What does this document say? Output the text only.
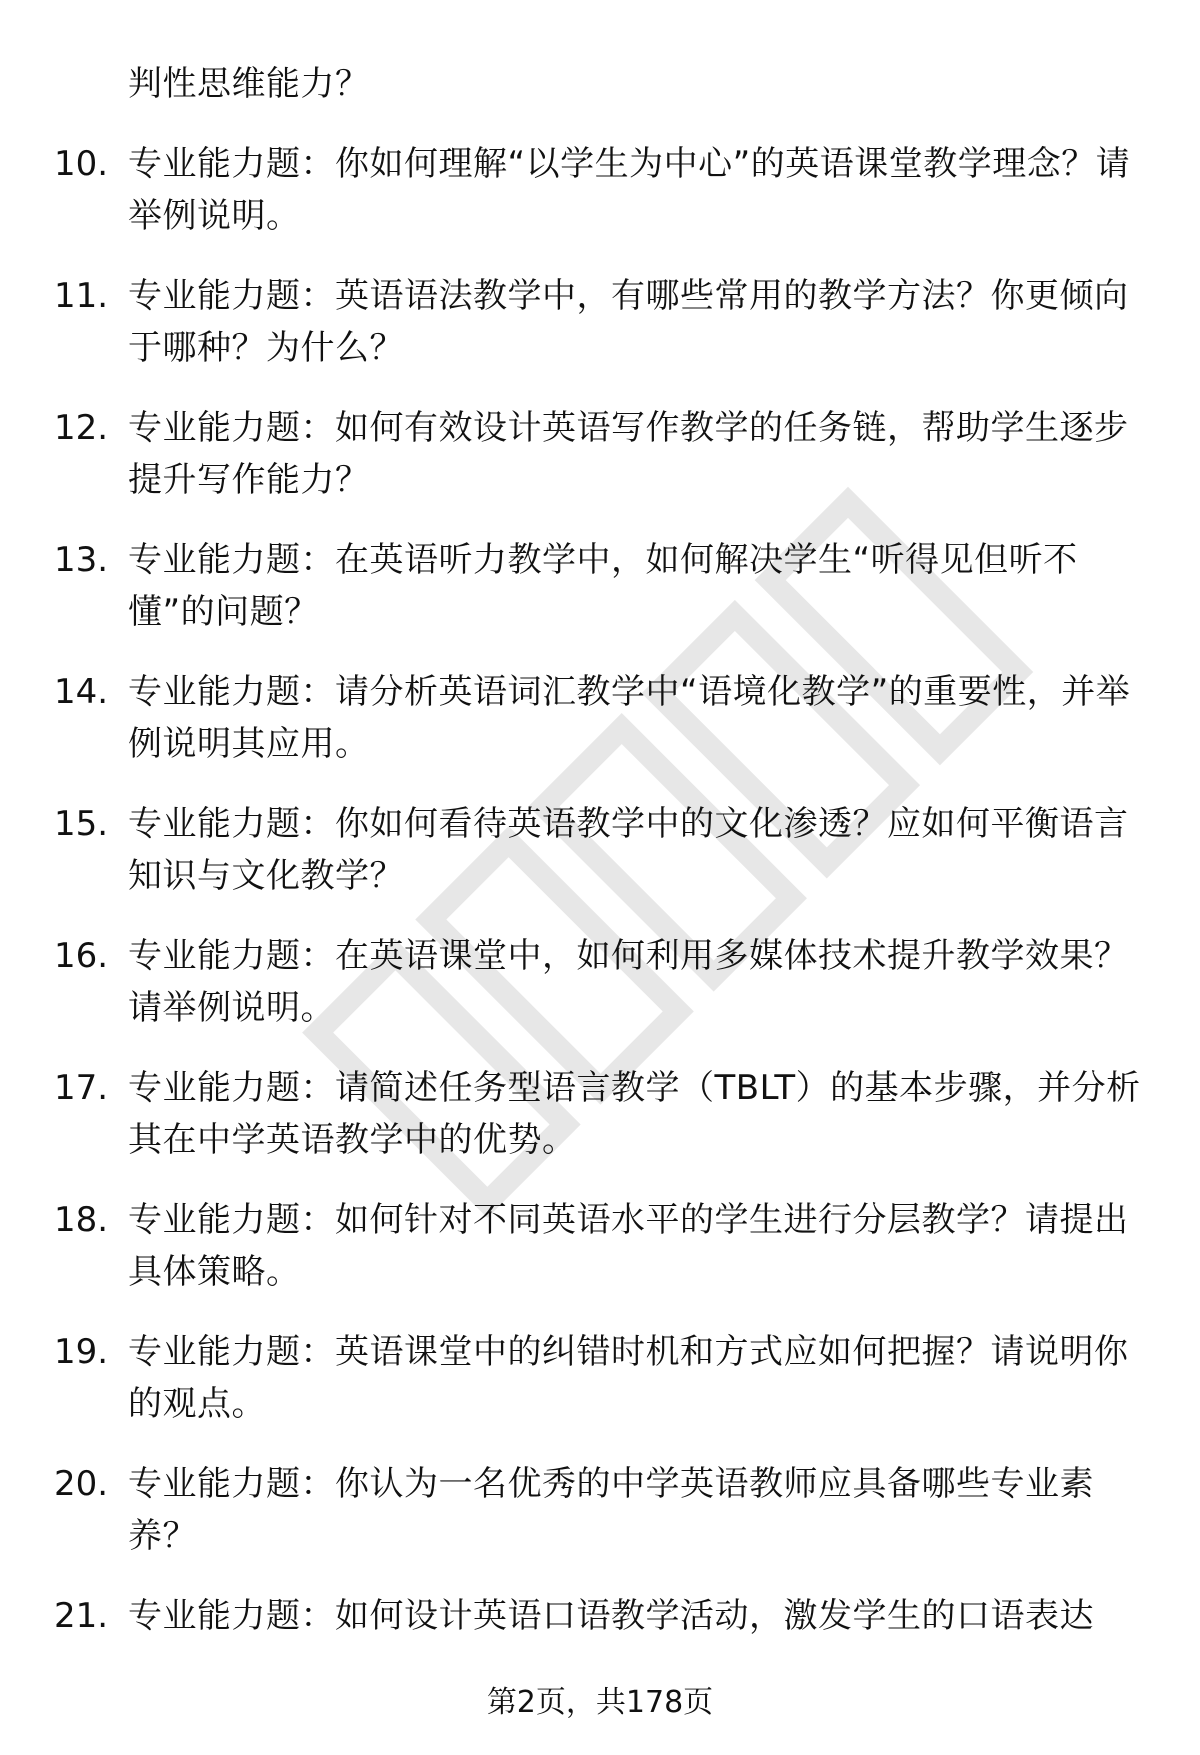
判性思维能力？
10. 专业能力题：你如何理解“以学生为中心”的英语课堂教学理念？请举例说明。
11. 专业能力题：英语语法教学中，有哪些常用的教学方法？你更倾向于哪种？为什么？
12. 专业能力题：如何有效设计英语写作教学的任务链，帮助学生逐步提升写作能力？
13. 专业能力题：在英语听力教学中，如何解决学生“听得见但听不懂”的问题？
14. 专业能力题：请分析英语词汇教学中“语境化教学”的重要性，并举例说明其应用。
15. 专业能力题：你如何看待英语教学中的文化渗透？应如何平衡语言知识与文化教学？
16. 专业能力题：在英语课堂中，如何利用多媒体技术提升教学效果？请举例说明。
17. 专业能力题：请简述任务型语言教学（TBLT）的基本步骤，并分析其在中学英语教学中的优势。
18. 专业能力题：如何针对不同英语水平的学生进行分层教学？请提出具体策略。
19. 专业能力题：英语课堂中的纠错时机和方式应如何把握？请说明你的观点。
20. 专业能力题：你认为一名优秀的中学英语教师应具备哪些专业素养？
21. 专业能力题：如何设计英语口语教学活动，激发学生的口语表达
第2页，共178页
